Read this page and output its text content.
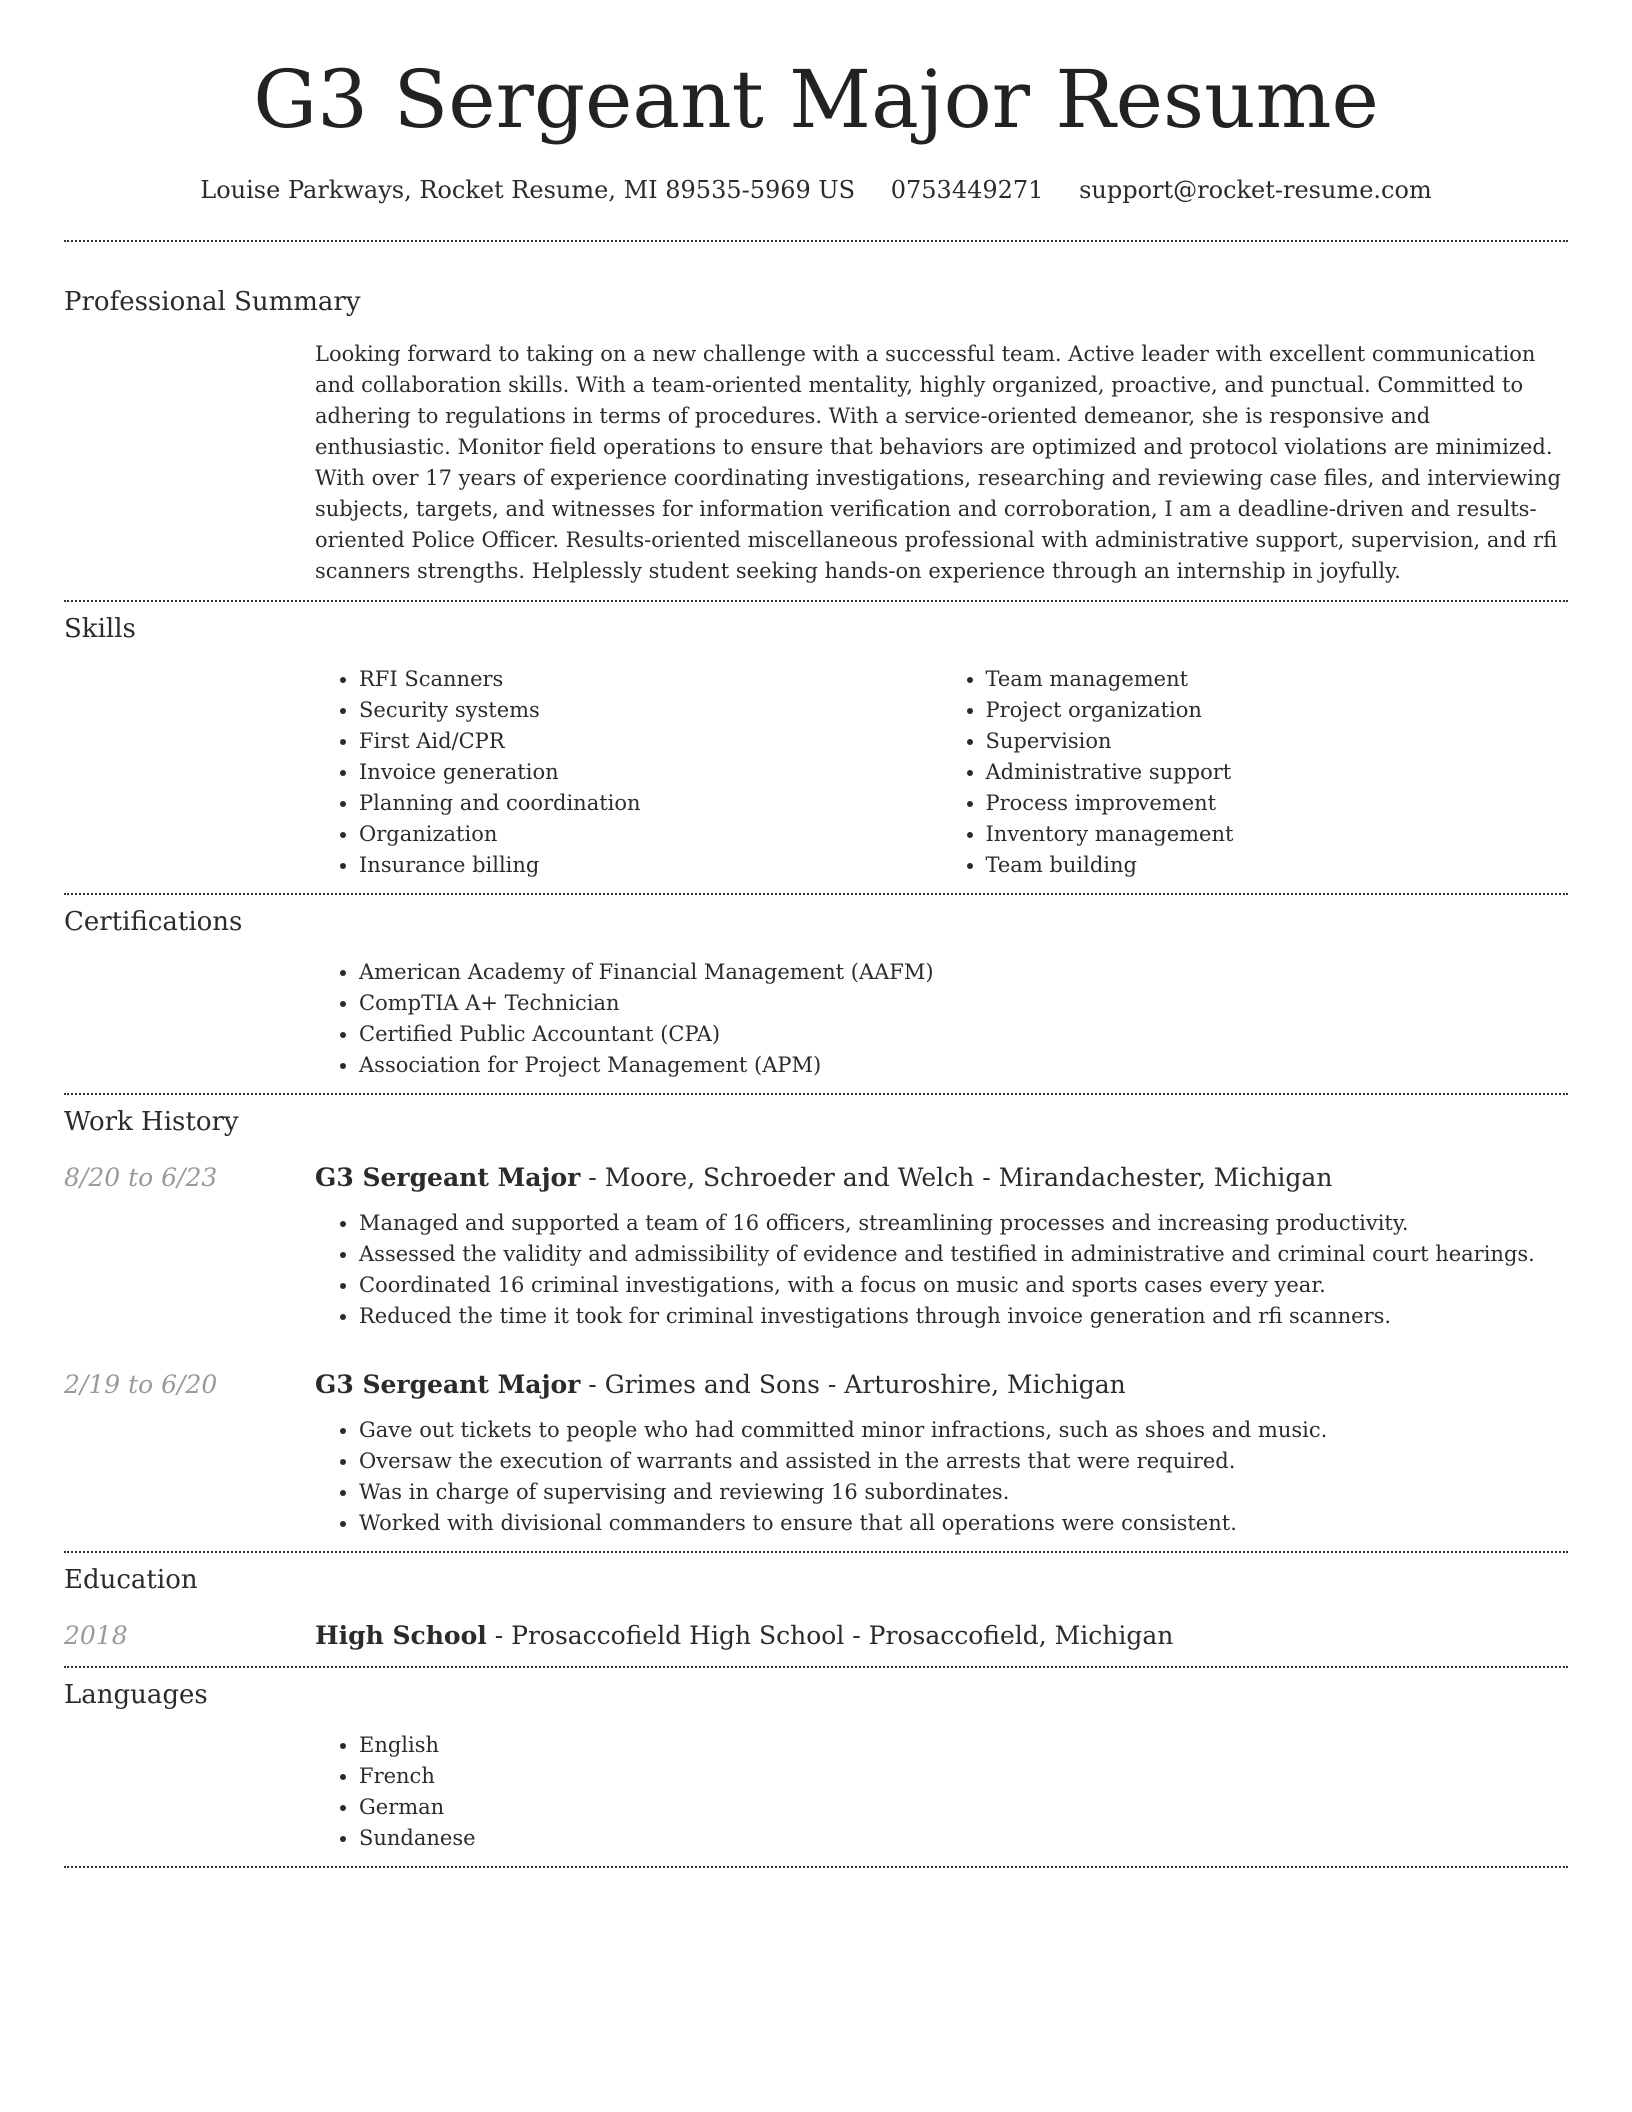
G3 Sergeant Major Resume
Louise Parkways, Rocket Resume, MI 89535-5969 US 0753449271 support@rocket-resume.com
Professional Summary

Looking forward to taking on a new challenge with a successful team. Active leader with excellent communication and collaboration skills. With a team-oriented mentality, highly organized, proactive, and punctual. Committed to adhering to regulations in terms of procedures. With a service-oriented demeanor, she is responsive and enthusiastic. Monitor field operations to ensure that behaviors are optimized and protocol violations are minimized. With over 17 years of experience coordinating investigations, researching and reviewing case files, and interviewing subjects, targets, and witnesses for information verification and corroboration, I am a deadline-driven and results-oriented Police Officer. Results-oriented miscellaneous professional with administrative support, supervision, and rfi scanners strengths. Helplessly student seeking hands-on experience through an internship in joyfully.

Skills
• RFI Scanners
• Security systems
• First Aid/CPR
• Invoice generation
• Planning and coordination
• Organization
• Insurance billing
• Team management
• Project organization
• Supervision
• Administrative support
• Process improvement
• Inventory management
• Team building
Certifications
• American Academy of Financial Management (AAFM)
• CompTIA A+ Technician
• Certified Public Accountant (CPA)
• Association for Project Management (APM)
Work History
8/20 to 6/23	G3 Sergeant Major - Moore, Schroeder and Welch - Mirandachester, Michigan
• Managed and supported a team of 16 officers, streamlining processes and increasing productivity.
• Assessed the validity and admissibility of evidence and testified in administrative and criminal court hearings.
• Coordinated 16 criminal investigations, with a focus on music and sports cases every year.
• Reduced the time it took for criminal investigations through invoice generation and rfi scanners.
2/19 to 6/20	G3 Sergeant Major - Grimes and Sons - Arturoshire, Michigan
• Gave out tickets to people who had committed minor infractions, such as shoes and music.
• Oversaw the execution of warrants and assisted in the arrests that were required.
• Was in charge of supervising and reviewing 16 subordinates.
• Worked with divisional commanders to ensure that all operations were consistent.
Education
2018	High School - Prosaccofield High School - Prosaccofield, Michigan
Languages
• English
• French
• German
• Sundanese
